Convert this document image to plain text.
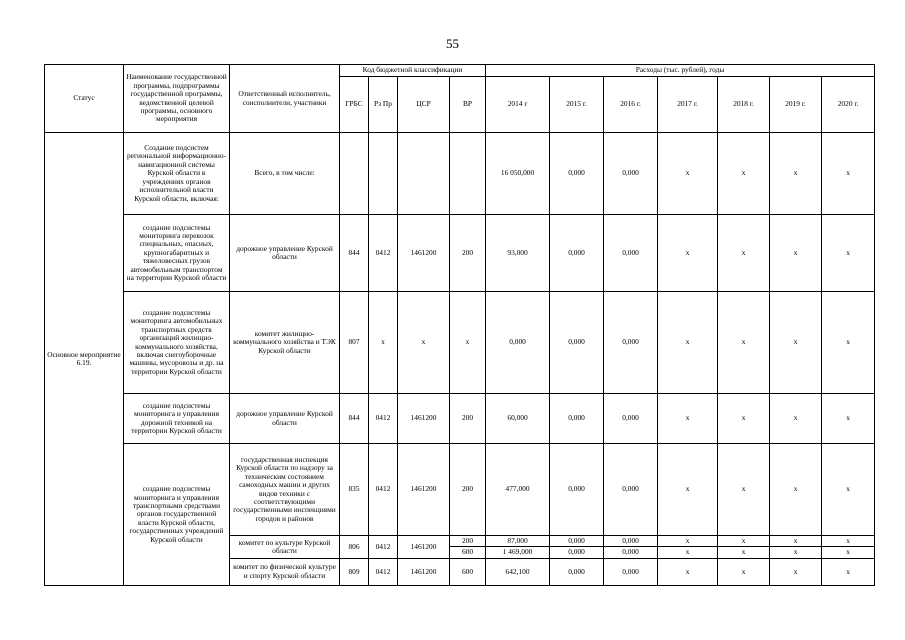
55
Статус	Наименование государственной программы, подпрограммы государственной программы, ведомственной целевой программы, основного мероприятия	Ответственный исполнитель, соисполнители, участники	Код бюджетной классификации				Расходы (тыс. рублей), годы							
			ГРБС	Рз Пр	ЦСР	ВР	2014 г	2015 г.	2016 г.	2017 г.	2018 г.	2019 г.	2020 г.	
Основное мероприятие 6.19.	Создание подсистем региональной информационно-навигационной системы Курской области в учреждениях органов исполнительной власти Курской области, включая:	Всего, в том числе:					16 050,000	0,000	0,000	x	x	x	x	
	создание подсистемы мониторинга перевозок специальных, опасных, крупногабаритных и тяжеловесных грузов автомобильным транспортом на территории Курской области	дорожное управление Курской области	844	0412	1461200	200	93,000	0,000	0,000	x	x	x	x	
	создание подсистемы мониторинга автомобильных транспортных средств организаций жилищно-коммунального хозяйства, включая снегоуборочные машины, мусоровозы и др. на территории Курской области	комитет жилищно-коммунального хозяйства и ТЭК Курской области	807	x	x	x	0,000	0,000	0,000	x	x	x	x	
	создание подсистемы мониторинга и управления дорожной техникой на территории Курской области	дорожное управление Курской области	844	0412	1461200	200	60,000	0,000	0,000	x	x	x	x	
	создание подсистемы мониторинга и управления транспортными средствами органов государственной власти Курской области, государственных учреждений Курской области	государственная инспекция Курской области по надзору за техническим состоянием самоходных машин и других видов техники с соответствующими государственными инспекциями городов и районов	835	0412	1461200	200	477,000	0,000	0,000	x	x	x	x	
		комитет по культуре Курской области	806	0412	1461200	200	87,000	0,000	0,000	x	x	x	x	
						600	1 469,000	0,000	0,000	x	x	x	x	
		комитет по физической культуре и спорту Курской области	809	0412	1461200	600	642,100	0,000	0,000	x	x	x	x	
